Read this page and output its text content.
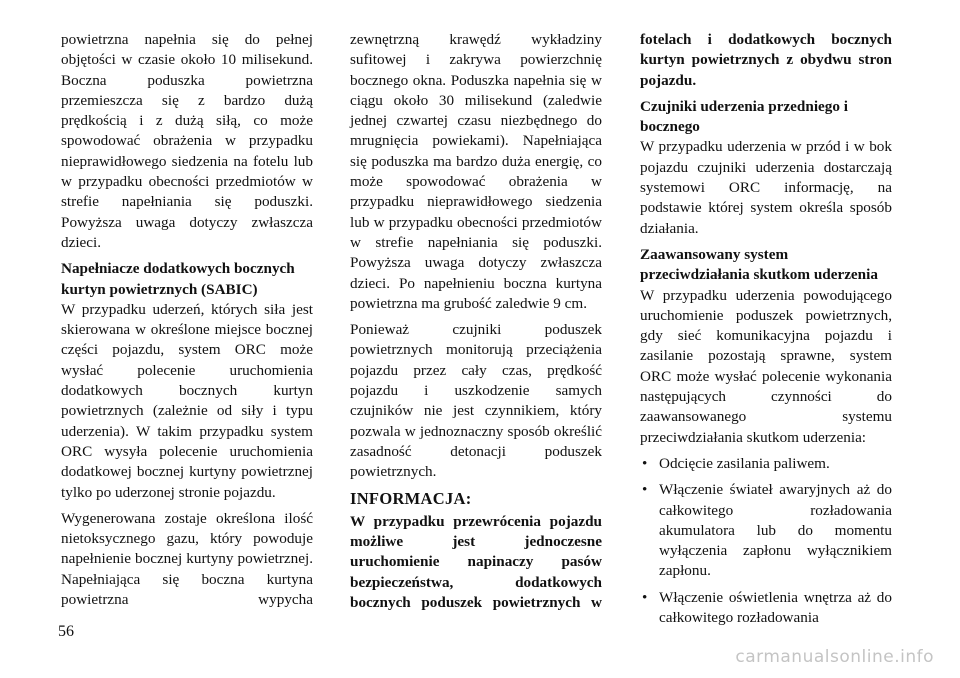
powietrzna napełnia się do pełnej objętości w czasie około 10 milisekund. Boczna poduszka powietrzna przemieszcza się z bardzo dużą prędkością i z dużą siłą, co może spowodować obrażenia w przypadku nieprawidłowego siedzenia na fotelu lub w przypadku obecności przedmiotów w strefie napełniania się poduszki. Powyższa uwaga dotyczy zwłaszcza dzieci.

Napełniacze dodatkowych bocznych kurtyn powietrznych (SABIC)

W przypadku uderzeń, których siła jest skierowana w określone miejsce bocznej części pojazdu, system ORC może wysłać polecenie uruchomienia dodatkowych bocznych kurtyn powietrznych (zależnie od siły i typu uderzenia). W takim przypadku system ORC wysyła polecenie uruchomienia dodatkowej bocznej kurtyny powietrznej tylko po uderzonej stronie pojazdu.

Wygenerowana zostaje określona ilość nietoksycznego gazu, który powoduje napełnienie bocznej kurtyny powietrznej. Napełniająca się boczna kurtyna powietrzna wypycha

zewnętrzną krawędź wykładziny sufitowej i zakrywa powierzchnię bocznego okna. Poduszka napełnia się w ciągu około 30 milisekund (zaledwie jednej czwartej czasu niezbędnego do mrugnięcia powiekami). Napełniająca się poduszka ma bardzo duża energię, co może spowodować obrażenia w przypadku nieprawidłowego siedzenia lub w przypadku obecności przedmiotów w strefie napełniania się poduszki. Powyższa uwaga dotyczy zwłaszcza dzieci. Po napełnieniu boczna kurtyna powietrzna ma grubość zaledwie 9 cm.

Ponieważ czujniki poduszek powietrznych monitorują przeciążenia pojazdu przez cały czas, prędkość pojazdu i uszkodzenie samych czujników nie jest czynnikiem, który pozwala w jednoznaczny sposób określić zasadność detonacji poduszek powietrznych.

INFORMACJA:

W przypadku przewrócenia pojazdu możliwe jest jednoczesne uruchomienie napinaczy pasów bezpieczeństwa, dodatkowych bocznych poduszek powietrznych w

fotelach i dodatkowych bocznych kurtyn powietrznych z obydwu stron pojazdu.

Czujniki uderzenia przedniego i bocznego

W przypadku uderzenia w przód i w bok pojazdu czujniki uderzenia dostarczają systemowi ORC informację, na podstawie której system określa sposób działania.

Zaawansowany system przeciwdziałania skutkom uderzenia

W przypadku uderzenia powodującego uruchomienie poduszek powietrznych, gdy sieć komunikacyjna pojazdu i zasilanie pozostają sprawne, system ORC może wysłać polecenie wykonania następujących czynności do zaawansowanego systemu przeciwdziałania skutkom uderzenia:

• Odcięcie zasilania paliwem.
• Włączenie świateł awaryjnych aż do całkowitego rozładowania akumulatora lub do momentu wyłączenia zapłonu wyłącznikiem zapłonu.
• Włączenie oświetlenia wnętrza aż do całkowitego rozładowania
56
carmanualsonline.info
